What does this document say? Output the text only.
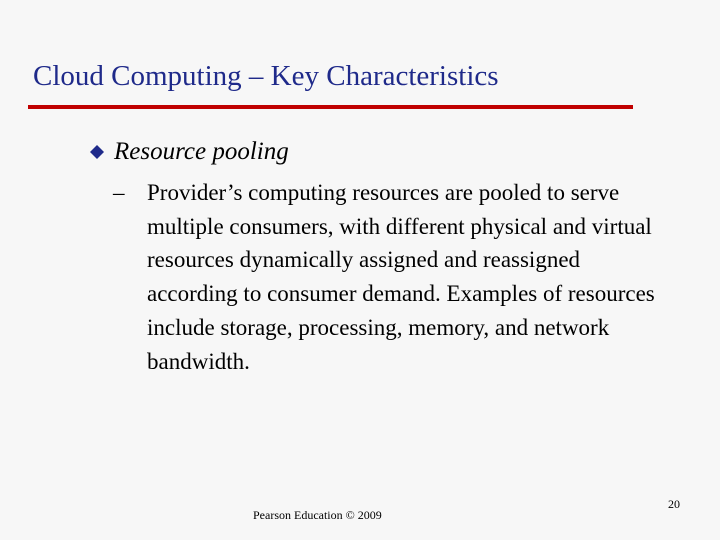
Cloud Computing – Key Characteristics
Resource pooling
– Provider’s computing resources are pooled to serve multiple consumers, with different physical and virtual resources dynamically assigned and reassigned according to consumer demand. Examples of resources include storage, processing, memory, and network bandwidth.
Pearson Education © 2009
20
